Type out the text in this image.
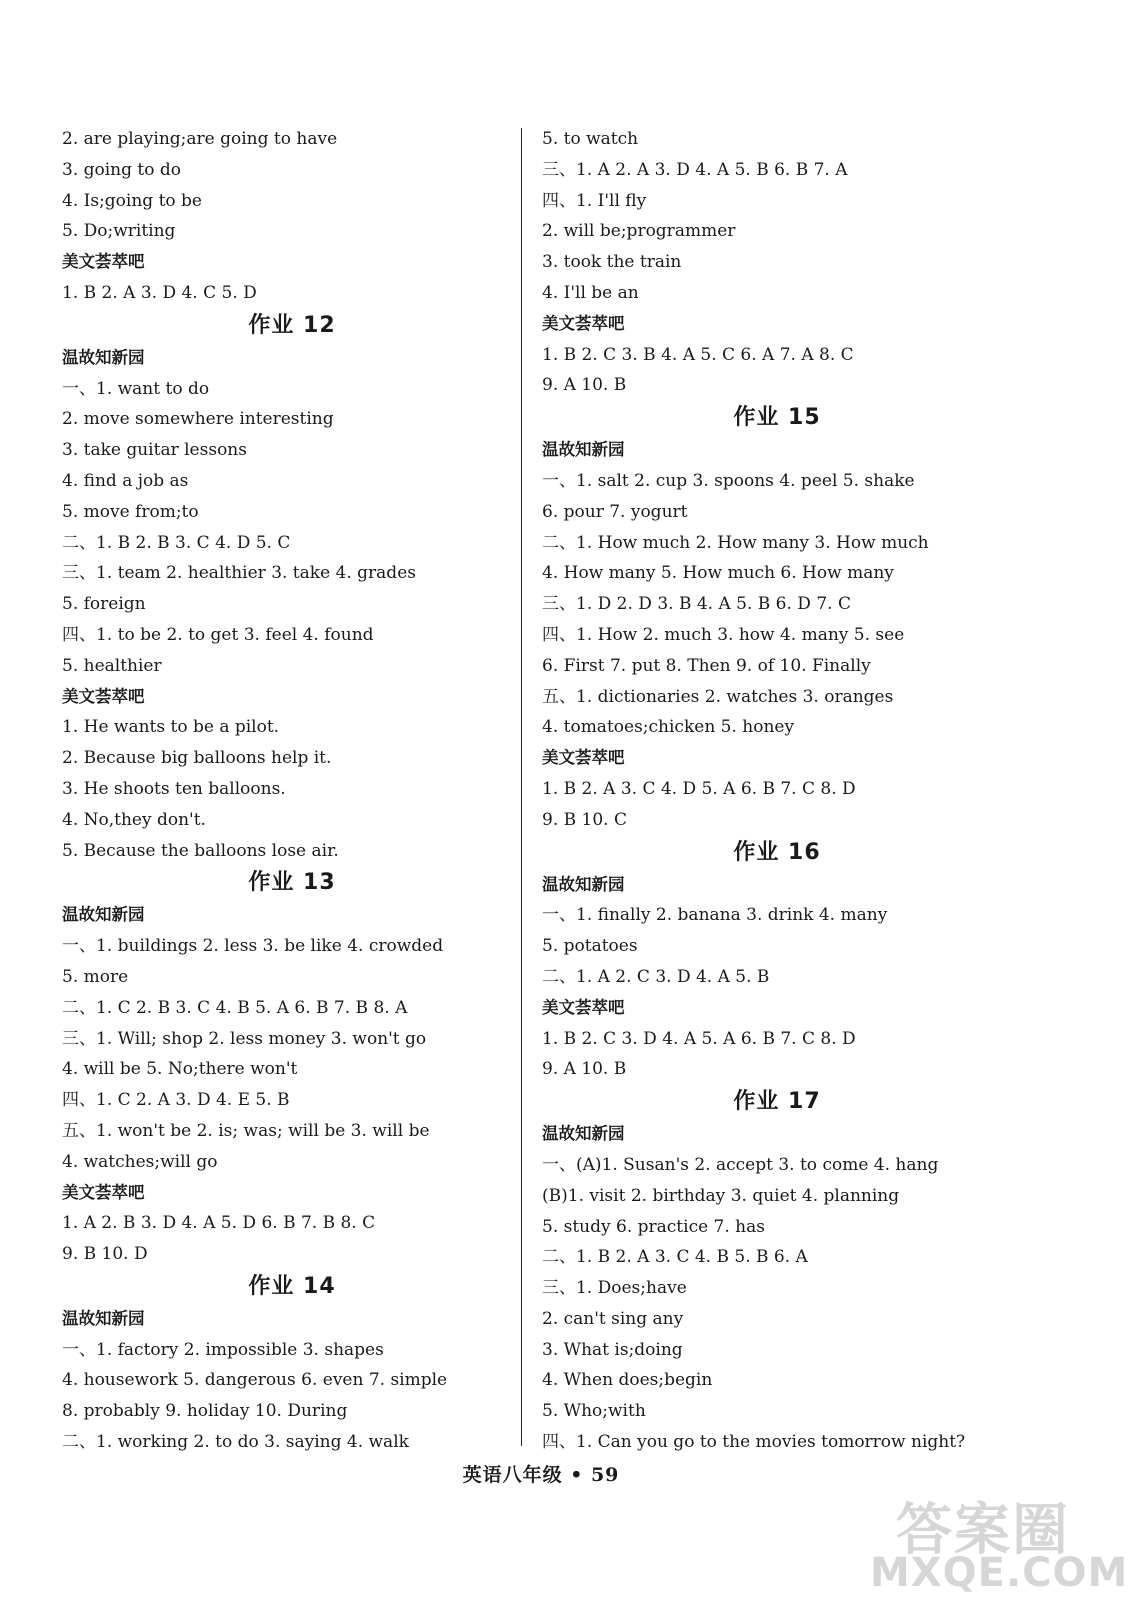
2. are playing;are going to have
3. going to do
4. Is;going to be
5. Do;writing
美文荟萃吧
1. B 2. A 3. D 4. C 5. D
作业 12
温故知新园
一、1. want to do
2. move somewhere interesting
3. take guitar lessons
4. find a job as
5. move from;to
二、1. B 2. B 3. C 4. D 5. C
三、1. team 2. healthier 3. take 4. grades
5. foreign
四、1. to be 2. to get 3. feel 4. found
5. healthier
美文荟萃吧
1. He wants to be a pilot.
2. Because big balloons help it.
3. He shoots ten balloons.
4. No,they don't.
5. Because the balloons lose air.
作业 13
温故知新园
一、1. buildings 2. less 3. be like 4. crowded
5. more
二、1. C 2. B 3. C 4. B 5. A 6. B 7. B 8. A
三、1. Will; shop 2. less money 3. won't go
4. will be 5. No;there won't
四、1. C 2. A 3. D 4. E 5. B
五、1. won't be 2. is; was; will be 3. will be
4. watches;will go
美文荟萃吧
1. A 2. B 3. D 4. A 5. D 6. B 7. B 8. C
9. B 10. D
作业 14
温故知新园
一、1. factory 2. impossible 3. shapes
4. housework 5. dangerous 6. even 7. simple
8. probably 9. holiday 10. During
二、1. working 2. to do 3. saying 4. walk
5. to watch
三、1. A 2. A 3. D 4. A 5. B 6. B 7. A
四、1. I'll fly
2. will be;programmer
3. took the train
4. I'll be an
美文荟萃吧
1. B 2. C 3. B 4. A 5. C 6. A 7. A 8. C
9. A 10. B
作业 15
温故知新园
一、1. salt 2. cup 3. spoons 4. peel 5. shake
6. pour 7. yogurt
二、1. How much 2. How many 3. How much
4. How many 5. How much 6. How many
三、1. D 2. D 3. B 4. A 5. B 6. D 7. C
四、1. How 2. much 3. how 4. many 5. see
6. First 7. put 8. Then 9. of 10. Finally
五、1. dictionaries 2. watches 3. oranges
4. tomatoes;chicken 5. honey
美文荟萃吧
1. B 2. A 3. C 4. D 5. A 6. B 7. C 8. D
9. B 10. C
作业 16
温故知新园
一、1. finally 2. banana 3. drink 4. many
5. potatoes
二、1. A 2. C 3. D 4. A 5. B
美文荟萃吧
1. B 2. C 3. D 4. A 5. A 6. B 7. C 8. D
9. A 10. B
作业 17
温故知新园
一、(A)1. Susan's 2. accept 3. to come 4. hang
(B)1. visit 2. birthday 3. quiet 4. planning
5. study 6. practice 7. has
二、1. B 2. A 3. C 4. B 5. B 6. A
三、1. Does;have
2. can't sing any
3. What is;doing
4. When does;begin
5. Who;with
四、1. Can you go to the movies tomorrow night?
英语八年级 • 59
答案圈
MXQE.COM
